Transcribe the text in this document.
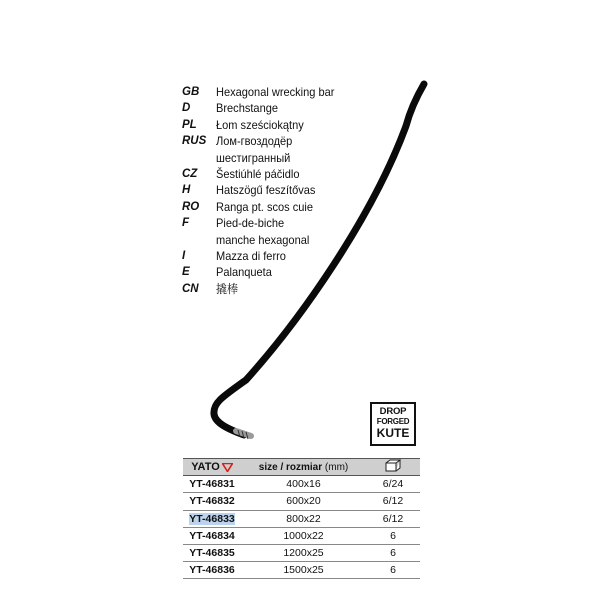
GB	Hexagonal wrecking bar
D	Brechstange
PL	Łom sześciokątny
RUS Лом-гвоздодёр
шестигранный
CZ	Šestiúhlé páčidlo
H	Hatszögű feszítővas
RO	Ranga pt. scos cuie
F	Pied-de-biche
manche hexagonal
I	Mazza di ferro
E	Palanqueta
CN	撬棒
DROP
FORGED
KUTE
YATO	size / rozmiar (mm)	
YT-46831	400x16	6/24
YT-46832	600x20	6/12
YT-46833	800x22	6/12
YT-46834	1000x22	6
YT-46835	1200x25	6
YT-46836	1500x25	6
